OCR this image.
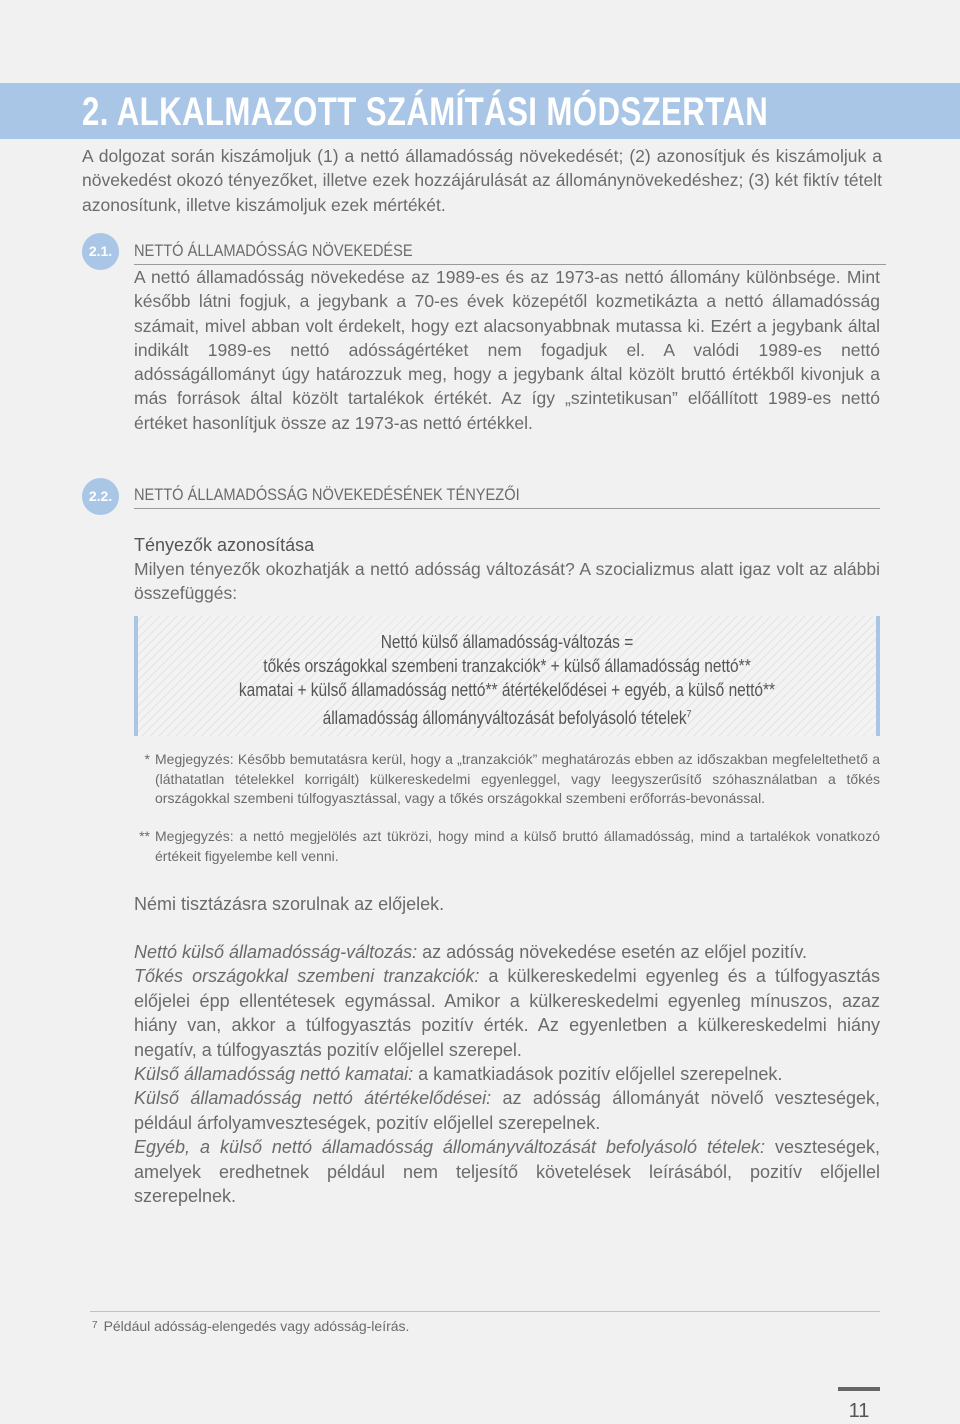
2. ALKALMAZOTT SZÁMÍTÁSI MÓDSZERTAN
A dolgozat során kiszámoljuk (1) a nettó államadósság növekedését; (2) azonosítjuk és kiszámoljuk a növekedést okozó tényezőket, illetve ezek hozzájárulását az állománynövekedéshez; (3) két fiktív tételt azonosítunk, illetve kiszámoljuk ezek mértékét.
2.1.	NETTÓ ÁLLAMADÓSSÁG NÖVEKEDÉSE
A nettó államadósság növekedése az 1989-es és az 1973-as nettó állomány különbsége. Mint később látni fogjuk, a jegybank a 70-es évek közepétől kozmetikázta a nettó államadósság számait, mivel abban volt érdekelt, hogy ezt alacsonyabbnak mutassa ki. Ezért a jegybank által indikált 1989-es nettó adósságértéket nem fogadjuk el. A valódi 1989-es nettó adósságállományt úgy határozzuk meg, hogy a jegybank által közölt bruttó értékből kivonjuk a más források által közölt tartalékok értékét. Az így „szintetikusan” előállított 1989-es nettó értéket hasonlítjuk össze az 1973-as nettó értékkel.
2.2.	NETTÓ ÁLLAMADÓSSÁG NÖVEKEDÉSÉNEK TÉNYEZŐI
Tényezők azonosítása
Milyen tényezők okozhatják a nettó adósság változását? A szocializmus alatt igaz volt az alábbi összefüggés:
Nettó külső államadósság-változás =
tőkés országokkal szembeni tranzakciók* + külső államadósság nettó**
kamatai + külső államadósság nettó** átértékelődései + egyéb, a külső nettó**
államadósság állományváltozását befolyásoló tételek$^7$
* Megjegyzés: Később bemutatásra kerül, hogy a „tranzakciók” meghatározás ebben az időszakban megfeleltethető a (láthatatlan tételekkel korrigált) külkereskedelmi egyenleggel, vagy leegyszerűsítő szóhasználatban a tőkés országokkal szembeni túlfogyasztással, vagy a tőkés országokkal szembeni erőforrás-bevonással.
** Megjegyzés: a nettó megjelölés azt tükrözi, hogy mind a külső bruttó államadósság, mind a tartalékok vonatkozó értékeit figyelembe kell venni.
Némi tisztázásra szorulnak az előjelek.

Nettó külső államadósság-változás: az adósság növekedése esetén az előjel pozitív.

Tőkés országokkal szembeni tranzakciók: a külkereskedelmi egyenleg és a túlfogyasztás előjelei épp ellentétesek egymással. Amikor a külkereskedelmi egyenleg mínuszos, azaz hiány van, akkor a túlfogyasztás pozitív érték. Az egyenletben a külkereskedelmi hiány negatív, a túlfogyasztás pozitív előjellel szerepel.

Külső államadósság nettó kamatai: a kamatkiadások pozitív előjellel szerepelnek.

Külső államadósság nettó átértékelődései: az adósság állományát növelő veszteségek, például árfolyamveszteségek, pozitív előjellel szerepelnek.

Egyéb, a külső nettó államadósság állományváltozását befolyásoló tételek: veszteségek, amelyek eredhetnek például nem teljesítő követelések leírásából, pozitív előjellel szerepelnek.

$^7$ Például adósság-elengedés vagy adósság-leírás.
11
